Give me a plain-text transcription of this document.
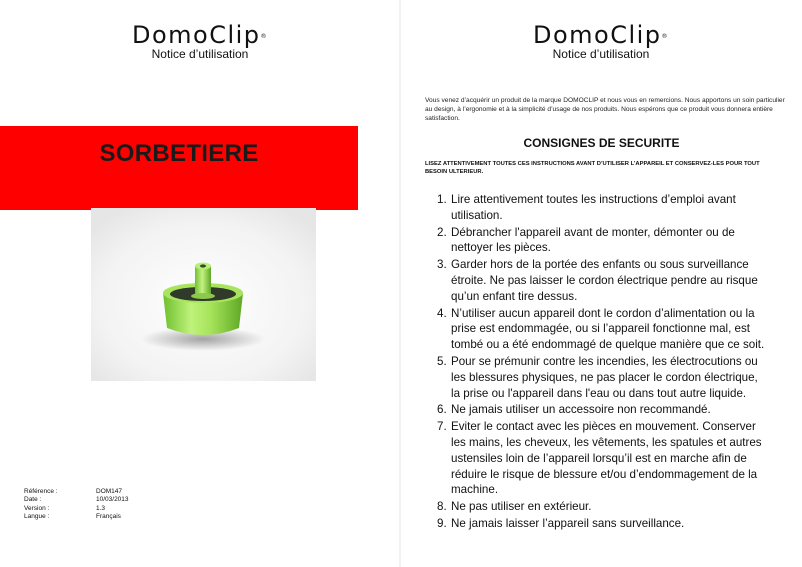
DomoClip®
Notice d’utilisation
SORBETIERE
Référence :	DOM147
Date :	10/03/2013
Version :	1.3
Langue :	Français
DomoClip®
Notice d’utilisation
Vous venez d’acquérir un produit de la marque DOMOCLIP et nous vous en remercions. Nous apportons un soin particulier au design, à l’ergonomie et à la simplicité d’usage de nos produits. Nous espérons que ce produit vous donnera entière satisfaction.
CONSIGNES DE SECURITE
LISEZ ATTENTIVEMENT TOUTES CES INSTRUCTIONS AVANT D’UTILISER L’APPAREIL ET CONSERVEZ-LES POUR TOUT BESOIN ULTERIEUR.
1. Lire attentivement toutes les instructions d’emploi avant utilisation.
2. Débrancher l'appareil avant de monter, démonter ou de nettoyer les pièces.
3. Garder hors de la portée des enfants ou sous surveillance étroite. Ne pas laisser le cordon électrique pendre au risque qu’un enfant tire dessus.
4. N’utiliser aucun appareil dont le cordon d’alimentation ou la prise est endommagée, ou si l’appareil fonctionne mal, est tombé ou a été endommagé de quelque manière que ce soit.
5. Pour se prémunir contre les incendies, les électrocutions ou les blessures physiques, ne pas placer le cordon électrique, la prise ou l'appareil dans l'eau ou dans tout autre liquide.
6. Ne jamais utiliser un accessoire non recommandé.
7. Eviter le contact avec les pièces en mouvement. Conserver les mains, les cheveux, les vêtements, les spatules et autres ustensiles loin de l’appareil lorsqu’il est en marche afin de réduire le risque de blessure et/ou d’endommagement de la machine.
8. Ne pas utiliser en extérieur.
9. Ne jamais laisser l’appareil sans surveillance.
